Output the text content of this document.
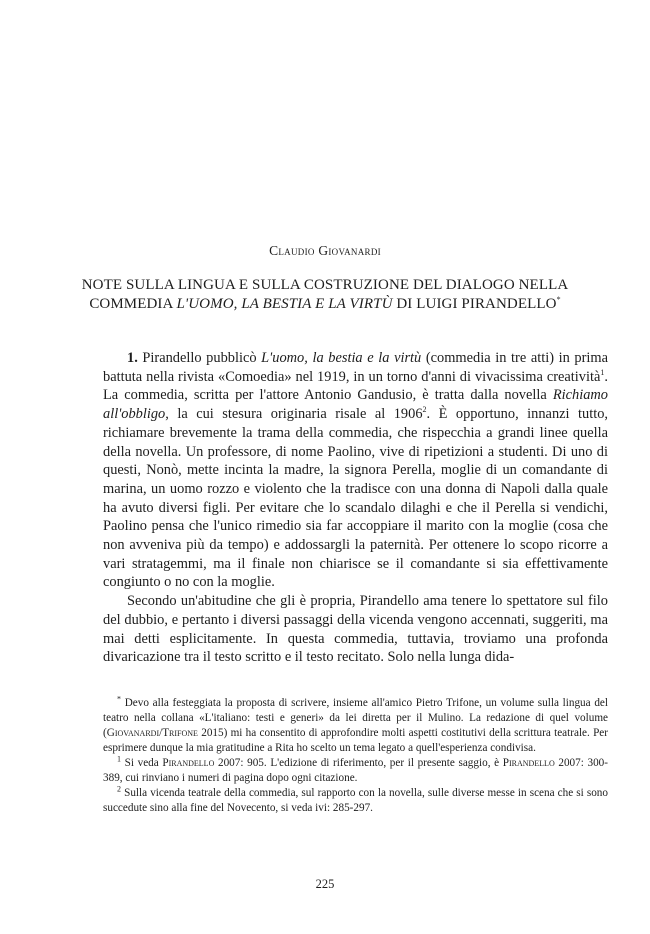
Claudio Giovanardi
NOTE SULLA LINGUA E SULLA COSTRUZIONE DEL DIALOGO NELLA COMMEDIA L'UOMO, LA BESTIA E LA VIRTÙ DI LUIGI PIRANDELLO*

1. Pirandello pubblicò L'uomo, la bestia e la virtù (commedia in tre atti) in prima battuta nella rivista «Comoedia» nel 1919, in un torno d'anni di vivacissima creatività$^1$. La commedia, scritta per l'attore Antonio Gandusio, è tratta dalla novella Richiamo all'obbligo, la cui stesura originaria risale al 1906$^2$. È opportuno, innanzi tutto, richiamare brevemente la trama della commedia, che rispecchia a grandi linee quella della novella. Un professore, di nome Paolino, vive di ripetizioni a studenti. Di uno di questi, Nonò, mette incinta la madre, la signora Perella, moglie di un comandante di marina, un uomo rozzo e violento che la tradisce con una donna di Napoli dalla quale ha avuto diversi figli. Per evitare che lo scandalo dilaghi e che il Perella si vendichi, Paolino pensa che l'unico rimedio sia far accoppiare il marito con la moglie (cosa che non avveniva più da tempo) e addossargli la paternità. Per ottenere lo scopo ricorre a vari stratagemmi, ma il finale non chiarisce se il comandante si sia effettivamente congiunto o no con la moglie.

Secondo un'abitudine che gli è propria, Pirandello ama tenere lo spettatore sul filo del dubbio, e pertanto i diversi passaggi della vicenda vengono accennati, suggeriti, ma mai detti esplicitamente. In questa commedia, tuttavia, troviamo una profonda divaricazione tra il testo scritto e il testo recitato. Solo nella lunga dida-

* Devo alla festeggiata la proposta di scrivere, insieme all'amico Pietro Trifone, un volume sulla lingua del teatro nella collana «L'italiano: testi e generi» da lei diretta per il Mulino. La redazione di quel volume (Giovanardi/Trifone 2015) mi ha consentito di approfondire molti aspetti costitutivi della scrittura teatrale. Per esprimere dunque la mia gratitudine a Rita ho scelto un tema legato a quell'esperienza condivisa.

$^1$ Si veda Pirandello 2007: 905. L'edizione di riferimento, per il presente saggio, è Pirandello 2007: 300-389, cui rinviano i numeri di pagina dopo ogni citazione.

$^2$ Sulla vicenda teatrale della commedia, sul rapporto con la novella, sulle diverse messe in scena che si sono succedute sino alla fine del Novecento, si veda ivi: 285-297.

225
